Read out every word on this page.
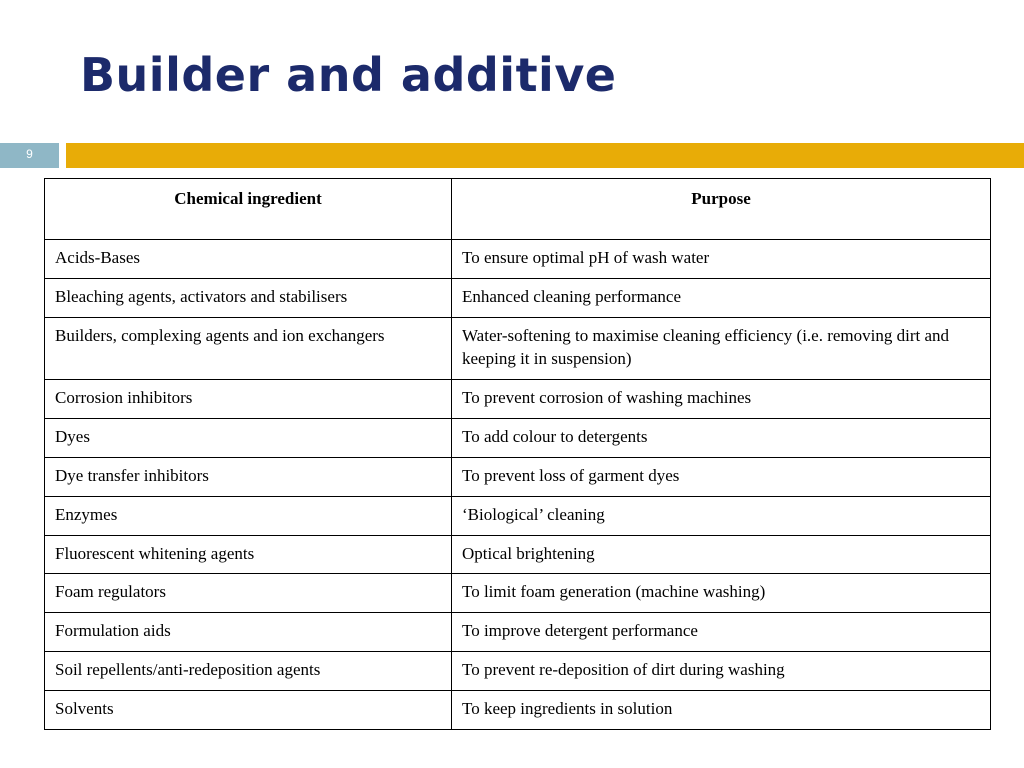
Builder and additive
9
Chemical ingredient	Purpose
Acids-Bases	To ensure optimal pH of wash water
Bleaching agents, activators and stabilisers	Enhanced cleaning performance
Builders, complexing agents and ion exchangers	Water-softening to maximise cleaning efficiency (i.e. removing dirt and keeping it in suspension)
Corrosion inhibitors	To prevent corrosion of washing machines
Dyes	To add colour to detergents
Dye transfer inhibitors	To prevent loss of garment dyes
Enzymes	‘Biological’ cleaning
Fluorescent whitening agents	Optical brightening
Foam regulators	To limit foam generation (machine washing)
Formulation aids	To improve detergent performance
Soil repellents/anti-redeposition agents	To prevent re-deposition of dirt during washing
Solvents	To keep ingredients in solution
